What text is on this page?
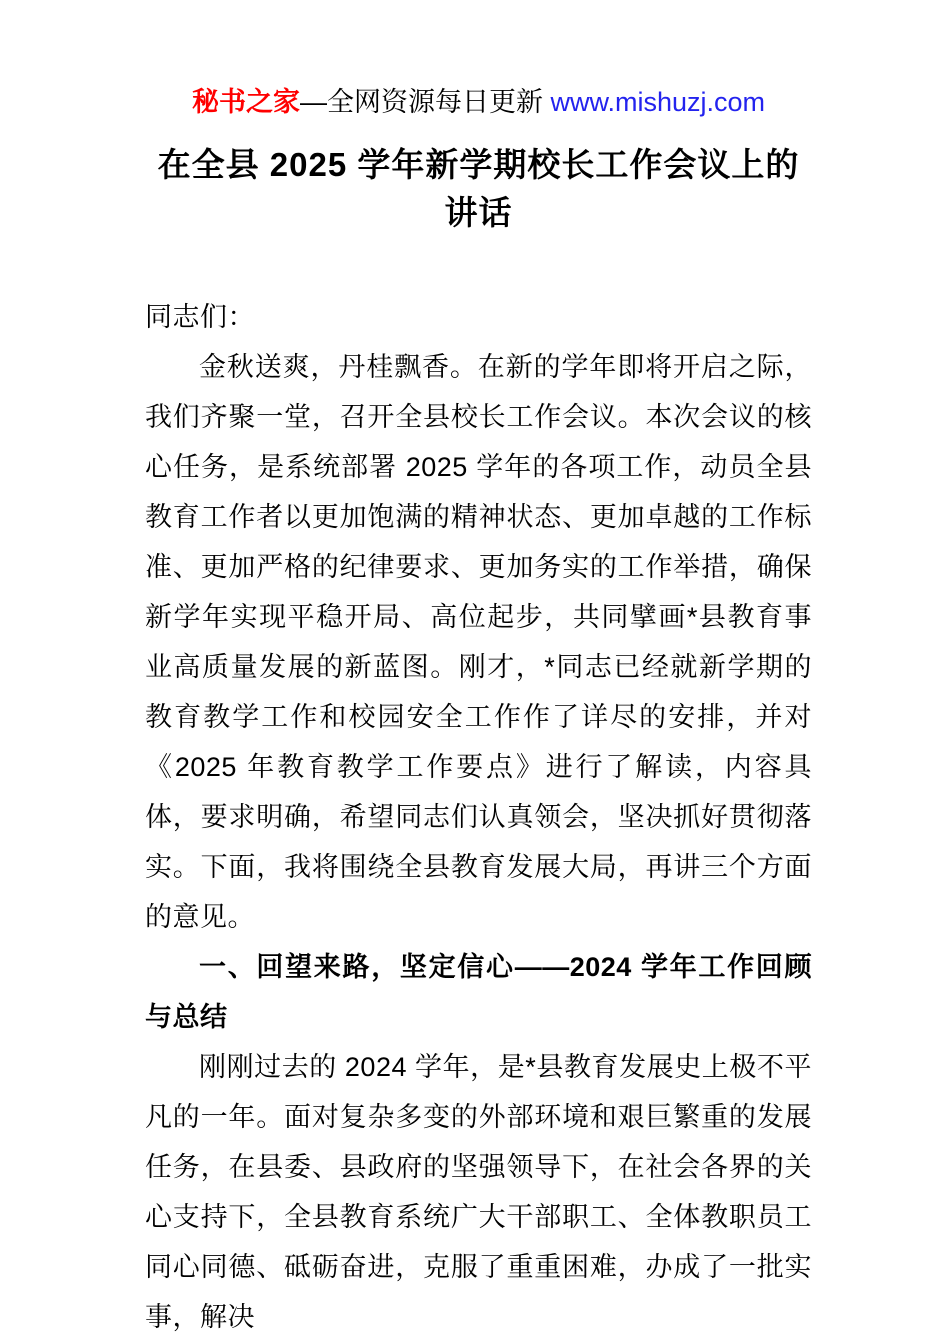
秘书之家—全网资源每日更新 www.mishuzj.com
在全县 2025 学年新学期校长工作会议上的讲话

同志们：

金秋送爽，丹桂飘香。在新的学年即将开启之际，我们齐聚一堂，召开全县校长工作会议。本次会议的核心任务，是系统部署 2025 学年的各项工作，动员全县教育工作者以更加饱满的精神状态、更加卓越的工作标准、更加严格的纪律要求、更加务实的工作举措，确保新学年实现平稳开局、高位起步，共同擘画*县教育事业高质量发展的新蓝图。刚才，*同志已经就新学期的教育教学工作和校园安全工作作了详尽的安排，并对《2025 年教育教学工作要点》进行了解读，内容具体，要求明确，希望同志们认真领会，坚决抓好贯彻落实。下面，我将围绕全县教育发展大局，再讲三个方面的意见。

一、回望来路，坚定信心——2024 学年工作回顾与总结

刚刚过去的 2024 学年，是*县教育发展史上极不平凡的一年。面对复杂多变的外部环境和艰巨繁重的发展任务，在县委、县政府的坚强领导下，在社会各界的关心支持下，全县教育系统广大干部职工、全体教职员工同心同德、砥砺奋进，克服了重重困难，办成了一批实事，解决
